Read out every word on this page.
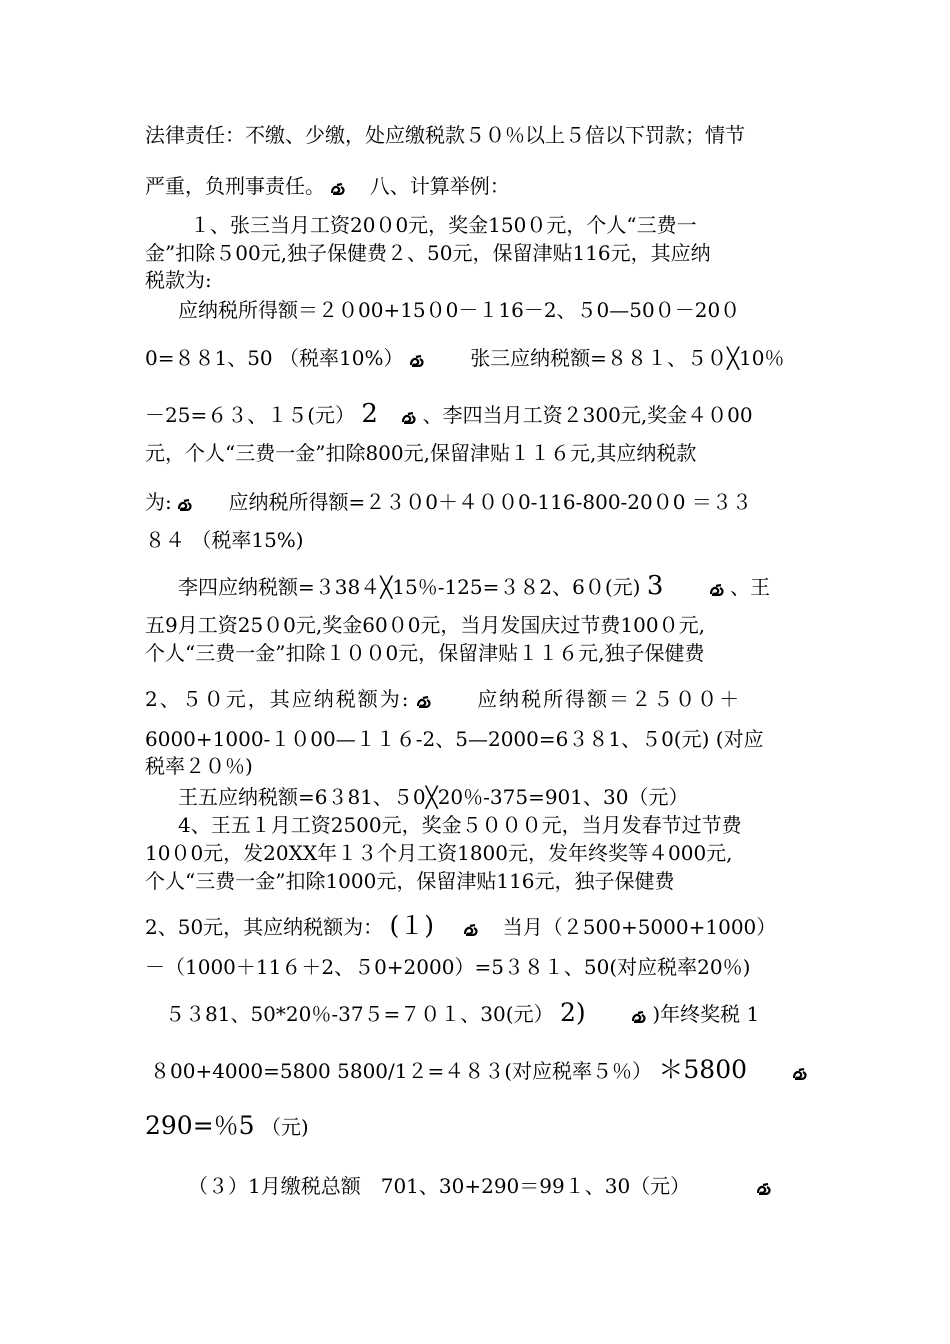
法律责任：不缴、少缴，处应缴税款５０％以上５倍以下罚款；情节
严重，负刑事责任。 八、计算举例：
１、张三当月工资20０0元，奖金150０元，个人“三费一
金”扣除５00元,独子保健费２、50元，保留津贴116元，其应纳
税款为:
应纳税所得额＝２０00+15０0－１16－2、５0—50０－20０
0=８８1、50 （税率10%）	张三应纳税额=８８１、５０╳10％
－25=６３、１５(元） 2 、李四当月工资２300元,奖金４０00
元，个人“三费一金”扣除800元,保留津贴１１６元,其应纳税款
为:	应纳税所得额=２３０0＋４００0-116-800-20０0 ＝３３
８４ （税率15%)
李四应纳税额=３38４╳15％-125=３８2、6０(元) 3	、王
五9月工资25０0元,奖金60０0元，当月发国庆过节费100０元,
个人“三费一金”扣除１００0元，保留津贴１１６元,独子保健费
2、５０元，其应纳税额为:	应纳税所得额＝２５００＋
6000+1000-１０00—１１６-2、5—2000=6３８1、５0(元) (对应
税率２０％)
王五应纳税额=6３81、５0╳20％-375=901、30（元）
4、王五１月工资2500元，奖金５０００元，当月发春节过节费
10０0元，发20XX年１３个月工资1800元，发年终奖等４000元,
个人“三费一金”扣除1000元，保留津贴116元，独子保健费
2、50元，其应纳税额为： (１)	当月（２500+5000+1000）
－（1000＋11６＋2、５0+2000）=5３８１、50(对应税率20％)
５３81、50*20％-37５=７０１、30(元） 2)	)年终奖税 1
８00+4000=5800 5800/1２=４８３(对应税率５％） ＊5800
290=％5 （元)
（３）1月缴税总额　701、30+290＝99１、30（元）
